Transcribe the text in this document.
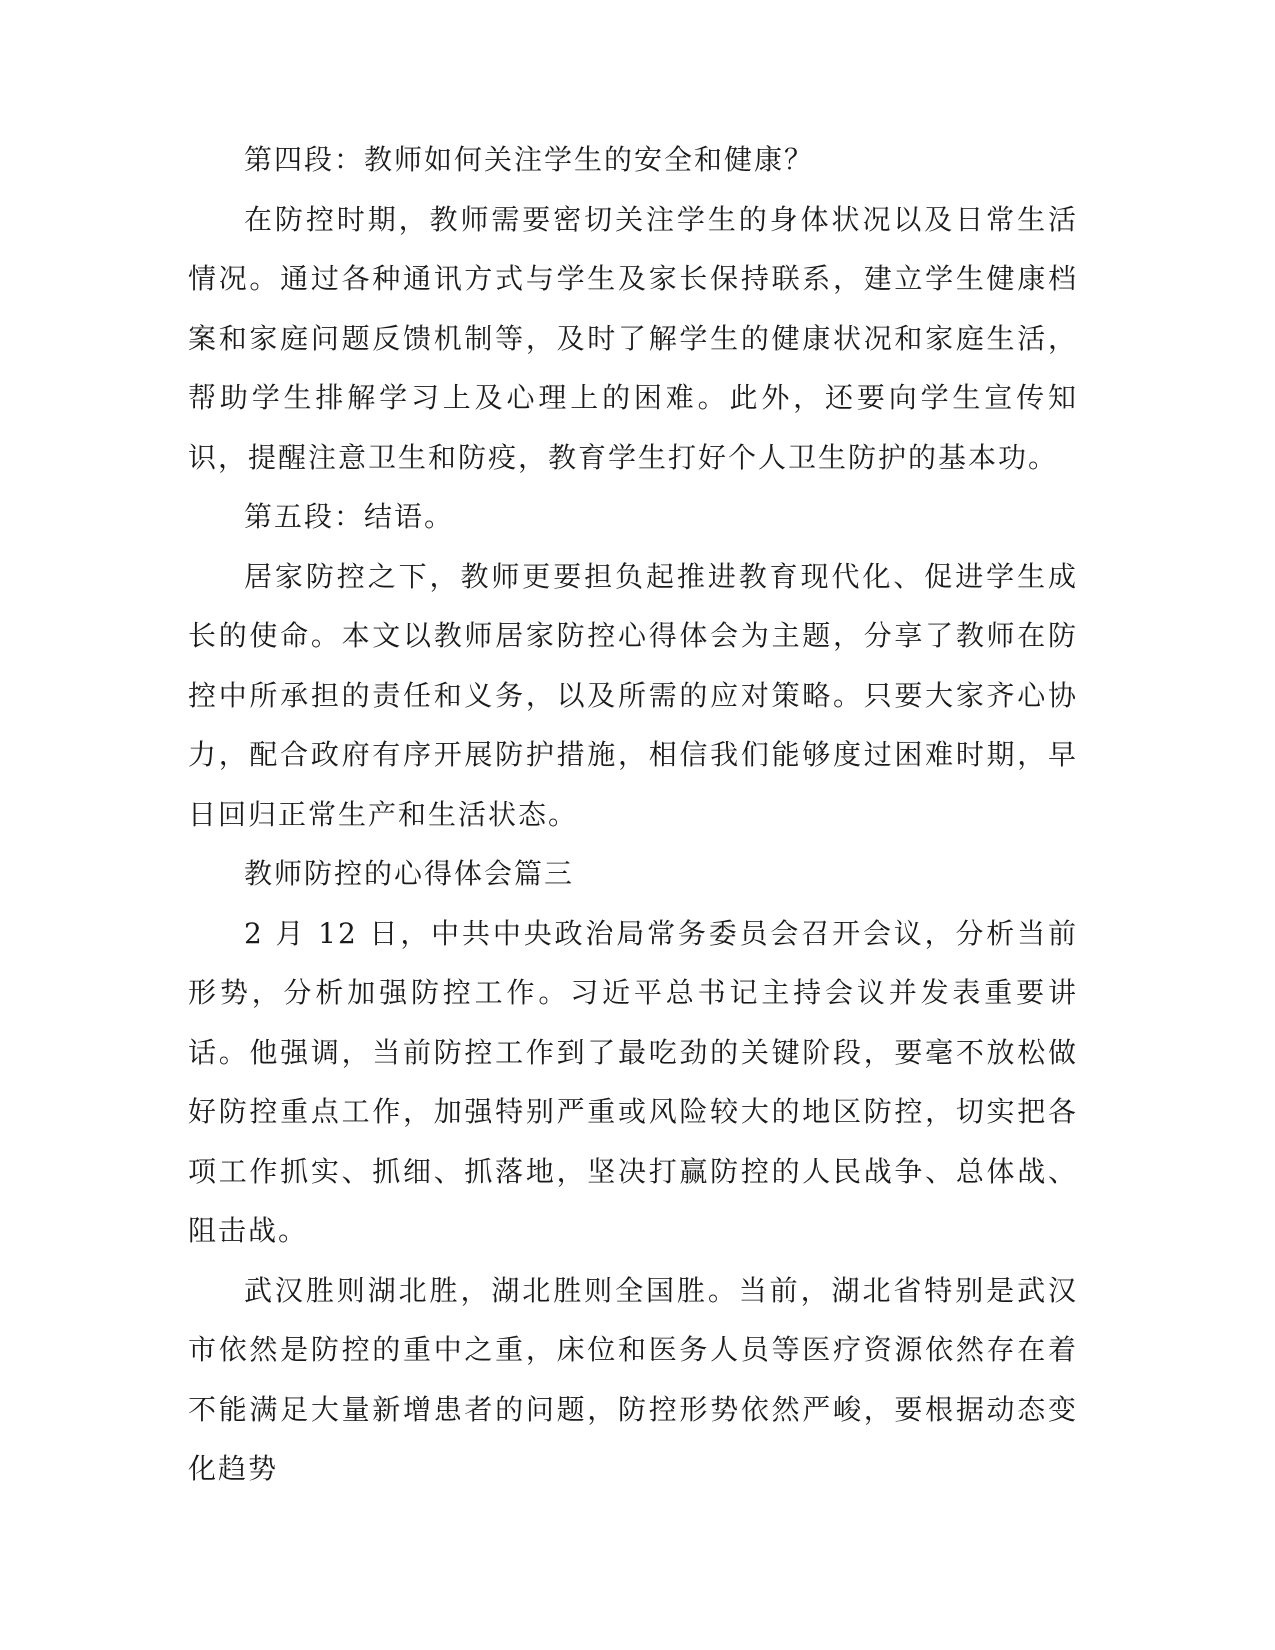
第四段：教师如何关注学生的安全和健康？

在防控时期，教师需要密切关注学生的身体状况以及日常生活情况。通过各种通讯方式与学生及家长保持联系，建立学生健康档案和家庭问题反馈机制等，及时了解学生的健康状况和家庭生活，帮助学生排解学习上及心理上的困难。此外，还要向学生宣传知识，提醒注意卫生和防疫，教育学生打好个人卫生防护的基本功。

第五段：结语。

居家防控之下，教师更要担负起推进教育现代化、促进学生成长的使命。本文以教师居家防控心得体会为主题，分享了教师在防控中所承担的责任和义务，以及所需的应对策略。只要大家齐心协力，配合政府有序开展防护措施，相信我们能够度过困难时期，早日回归正常生产和生活状态。

教师防控的心得体会篇三

2 月 12 日，中共中央政治局常务委员会召开会议，分析当前形势，分析加强防控工作。习近平总书记主持会议并发表重要讲话。他强调，当前防控工作到了最吃劲的关键阶段，要毫不放松做好防控重点工作，加强特别严重或风险较大的地区防控，切实把各项工作抓实、抓细、抓落地，坚决打赢防控的人民战争、总体战、阻击战。

武汉胜则湖北胜，湖北胜则全国胜。当前，湖北省特别是武汉市依然是防控的重中之重，床位和医务人员等医疗资源依然存在着不能满足大量新增患者的问题，防控形势依然严峻，要根据动态变化趋势
